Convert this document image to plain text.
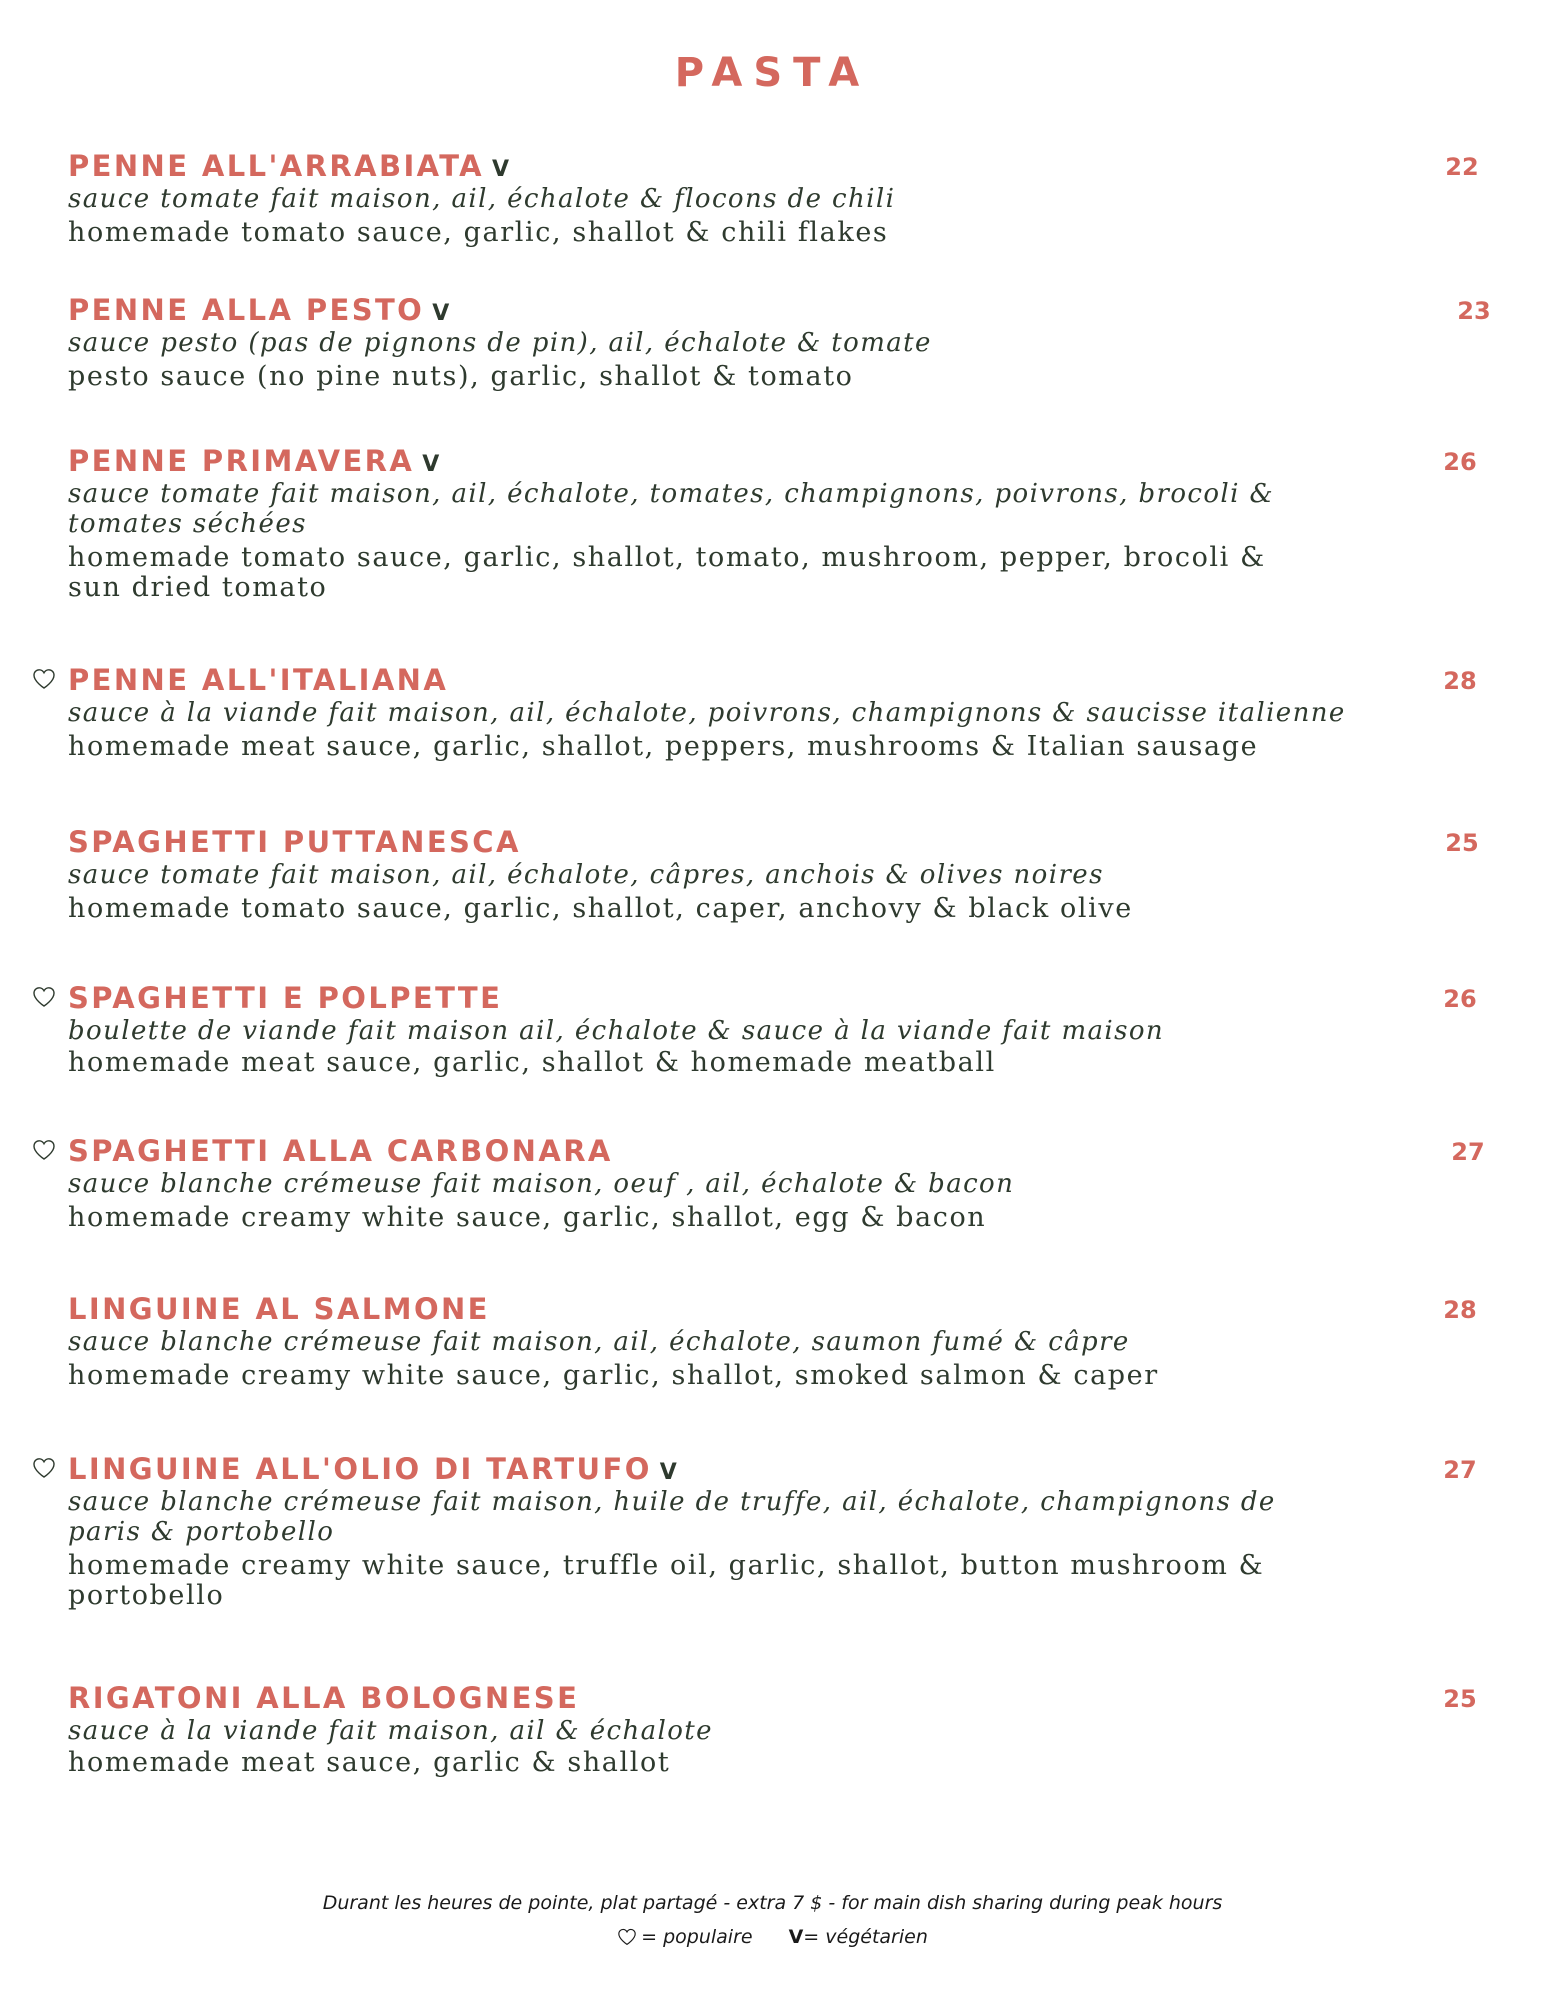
PASTA
PENNE ALL'ARRABIATA V	22
sauce tomate fait maison, ail, échalote & flocons de chili
homemade tomato sauce, garlic, shallot & chili flakes
PENNE ALLA PESTO V	23
sauce pesto (pas de pignons de pin), ail, échalote & tomate
pesto sauce (no pine nuts), garlic, shallot & tomato
PENNE PRIMAVERA V	26
sauce tomate fait maison, ail, échalote, tomates, champignons, poivrons, brocoli & tomates séchées
homemade tomato sauce, garlic, shallot, tomato, mushroom, pepper, brocoli & sun dried tomato
PENNE ALL'ITALIANA	28
sauce à la viande fait maison, ail, échalote, poivrons, champignons & saucisse italienne
homemade meat sauce, garlic, shallot, peppers, mushrooms & Italian sausage
SPAGHETTI PUTTANESCA	25
sauce tomate fait maison, ail, échalote, câpres, anchois & olives noires
homemade tomato sauce, garlic, shallot, caper, anchovy & black olive
SPAGHETTI E POLPETTE	26
boulette de viande fait maison ail, échalote & sauce à la viande fait maison
homemade meat sauce, garlic, shallot & homemade meatball
SPAGHETTI ALLA CARBONARA	27
sauce blanche crémeuse fait maison, oeuf , ail, échalote & bacon
homemade creamy white sauce, garlic, shallot, egg & bacon
LINGUINE AL SALMONE	28
sauce blanche crémeuse fait maison, ail, échalote, saumon fumé & câpre
homemade creamy white sauce, garlic, shallot, smoked salmon & caper
LINGUINE ALL'OLIO DI TARTUFO V	27
sauce blanche crémeuse fait maison, huile de truffe, ail, échalote, champignons de paris & portobello
homemade creamy white sauce, truffle oil, garlic, shallot, button mushroom & portobello
RIGATONI ALLA BOLOGNESE	25
sauce à la viande fait maison, ail & échalote
homemade meat sauce, garlic & shallot
Durant les heures de pointe, plat partagé - extra 7 $ - for main dish sharing during peak hours
= populaire V= végétarien
